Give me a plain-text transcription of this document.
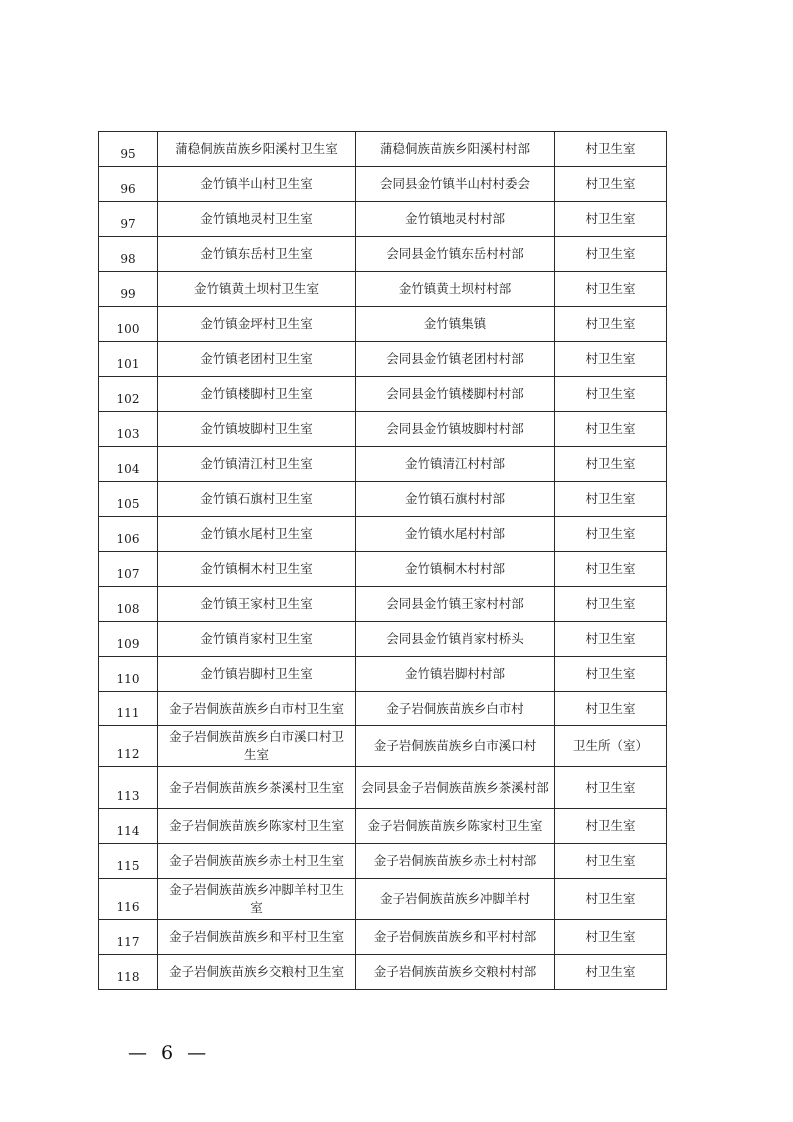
95	蒲稳侗族苗族乡阳溪村卫生室	蒲稳侗族苗族乡阳溪村村部	村卫生室
96	金竹镇半山村卫生室	会同县金竹镇半山村村委会	村卫生室
97	金竹镇地灵村卫生室	金竹镇地灵村村部	村卫生室
98	金竹镇东岳村卫生室	会同县金竹镇东岳村村部	村卫生室
99	金竹镇黄土坝村卫生室	金竹镇黄土坝村村部	村卫生室
100	金竹镇金坪村卫生室	金竹镇集镇	村卫生室
101	金竹镇老团村卫生室	会同县金竹镇老团村村部	村卫生室
102	金竹镇楼脚村卫生室	会同县金竹镇楼脚村村部	村卫生室
103	金竹镇坡脚村卫生室	会同县金竹镇坡脚村村部	村卫生室
104	金竹镇清江村卫生室	金竹镇清江村村部	村卫生室
105	金竹镇石旗村卫生室	金竹镇石旗村村部	村卫生室
106	金竹镇水尾村卫生室	金竹镇水尾村村部	村卫生室
107	金竹镇桐木村卫生室	金竹镇桐木村村部	村卫生室
108	金竹镇王家村卫生室	会同县金竹镇王家村村部	村卫生室
109	金竹镇肖家村卫生室	会同县金竹镇肖家村桥头	村卫生室
110	金竹镇岩脚村卫生室	金竹镇岩脚村村部	村卫生室
111	金子岩侗族苗族乡白市村卫生室	金子岩侗族苗族乡白市村	村卫生室
112	金子岩侗族苗族乡白市溪口村卫生室	金子岩侗族苗族乡白市溪口村	卫生所（室）
113	金子岩侗族苗族乡茶溪村卫生室	会同县金子岩侗族苗族乡茶溪村部	村卫生室
114	金子岩侗族苗族乡陈家村卫生室	金子岩侗族苗族乡陈家村卫生室	村卫生室
115	金子岩侗族苗族乡赤土村卫生室	金子岩侗族苗族乡赤土村村部	村卫生室
116	金子岩侗族苗族乡冲脚羊村卫生室	金子岩侗族苗族乡冲脚羊村	村卫生室
117	金子岩侗族苗族乡和平村卫生室	金子岩侗族苗族乡和平村村部	村卫生室
118	金子岩侗族苗族乡交粮村卫生室	金子岩侗族苗族乡交粮村村部	村卫生室
— 6 —
